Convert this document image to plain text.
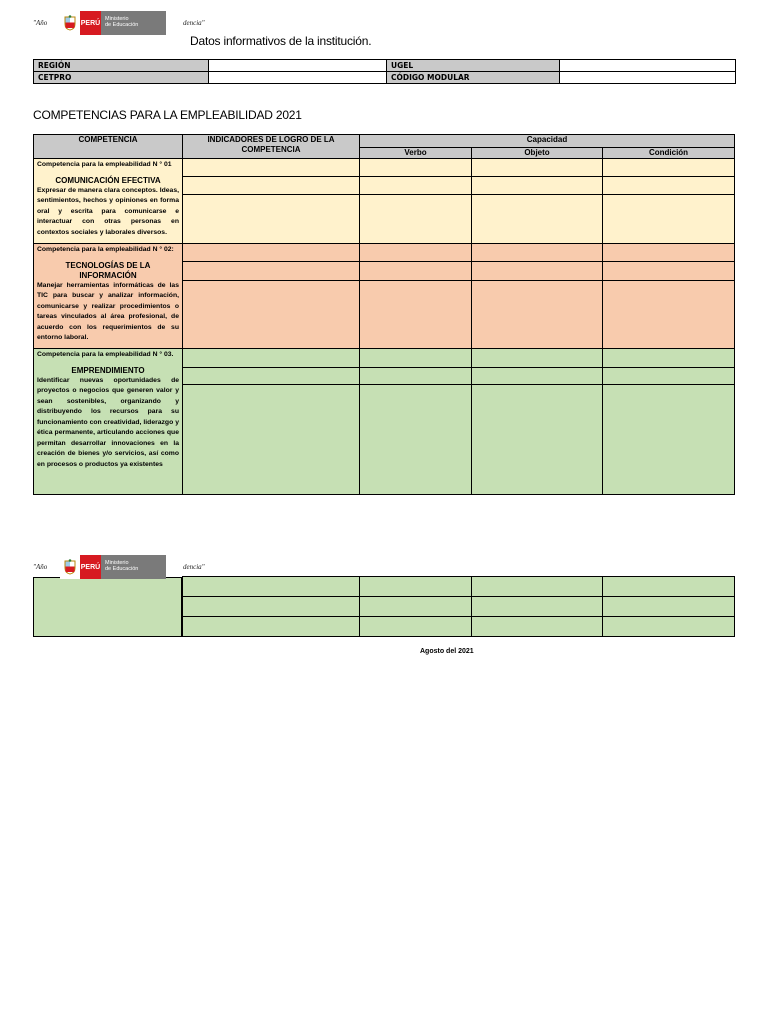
"Año	PERÚ
Ministerio
de Educación	dencia"
Datos informativos de la institución.
REGIÓN		UGEL	
CETPRO		CÓDIGO MODULAR	
COMPETENCIAS PARA LA EMPLEABILIDAD 2021
COMPETENCIA	INDICADORES DE LOGRO DE LA COMPETENCIA	Capacidad		
		Verbo	Objeto	Condición

Competencia para la empleabilidad N ° 01
COMUNICACIÓN EFECTIVA
Expresar de manera clara conceptos. Ideas, sentimientos, hechos y opiniones en forma oral y escrita para comunicarse e interactuar con otras personas en contextos sociales y laborales diversos.				

Competencia para la empleabilidad N ° 02:
TECNOLOGÍAS DE LA INFORMACIÓN
Manejar herramientas informáticas de las TIC para buscar y analizar información, comunicarse y realizar procedimientos o tareas vinculados al área profesional, de acuerdo con los requerimientos de su entorno laboral.				

Competencia para la empleabilidad N ° 03.
EMPRENDIMIENTO
Identificar nuevas oportunidades de proyectos o negocios que generen valor y sean sostenibles, organizando y distribuyendo los recursos para su funcionamiento con creatividad, liderazgo y ética permanente, articulando acciones que permitan desarrollar innovaciones en la creación de bienes y/o servicios, así como en procesos o productos ya existentes				

"Año	PERÚ
Ministerio
de Educación	dencia"

Agosto del 2021
